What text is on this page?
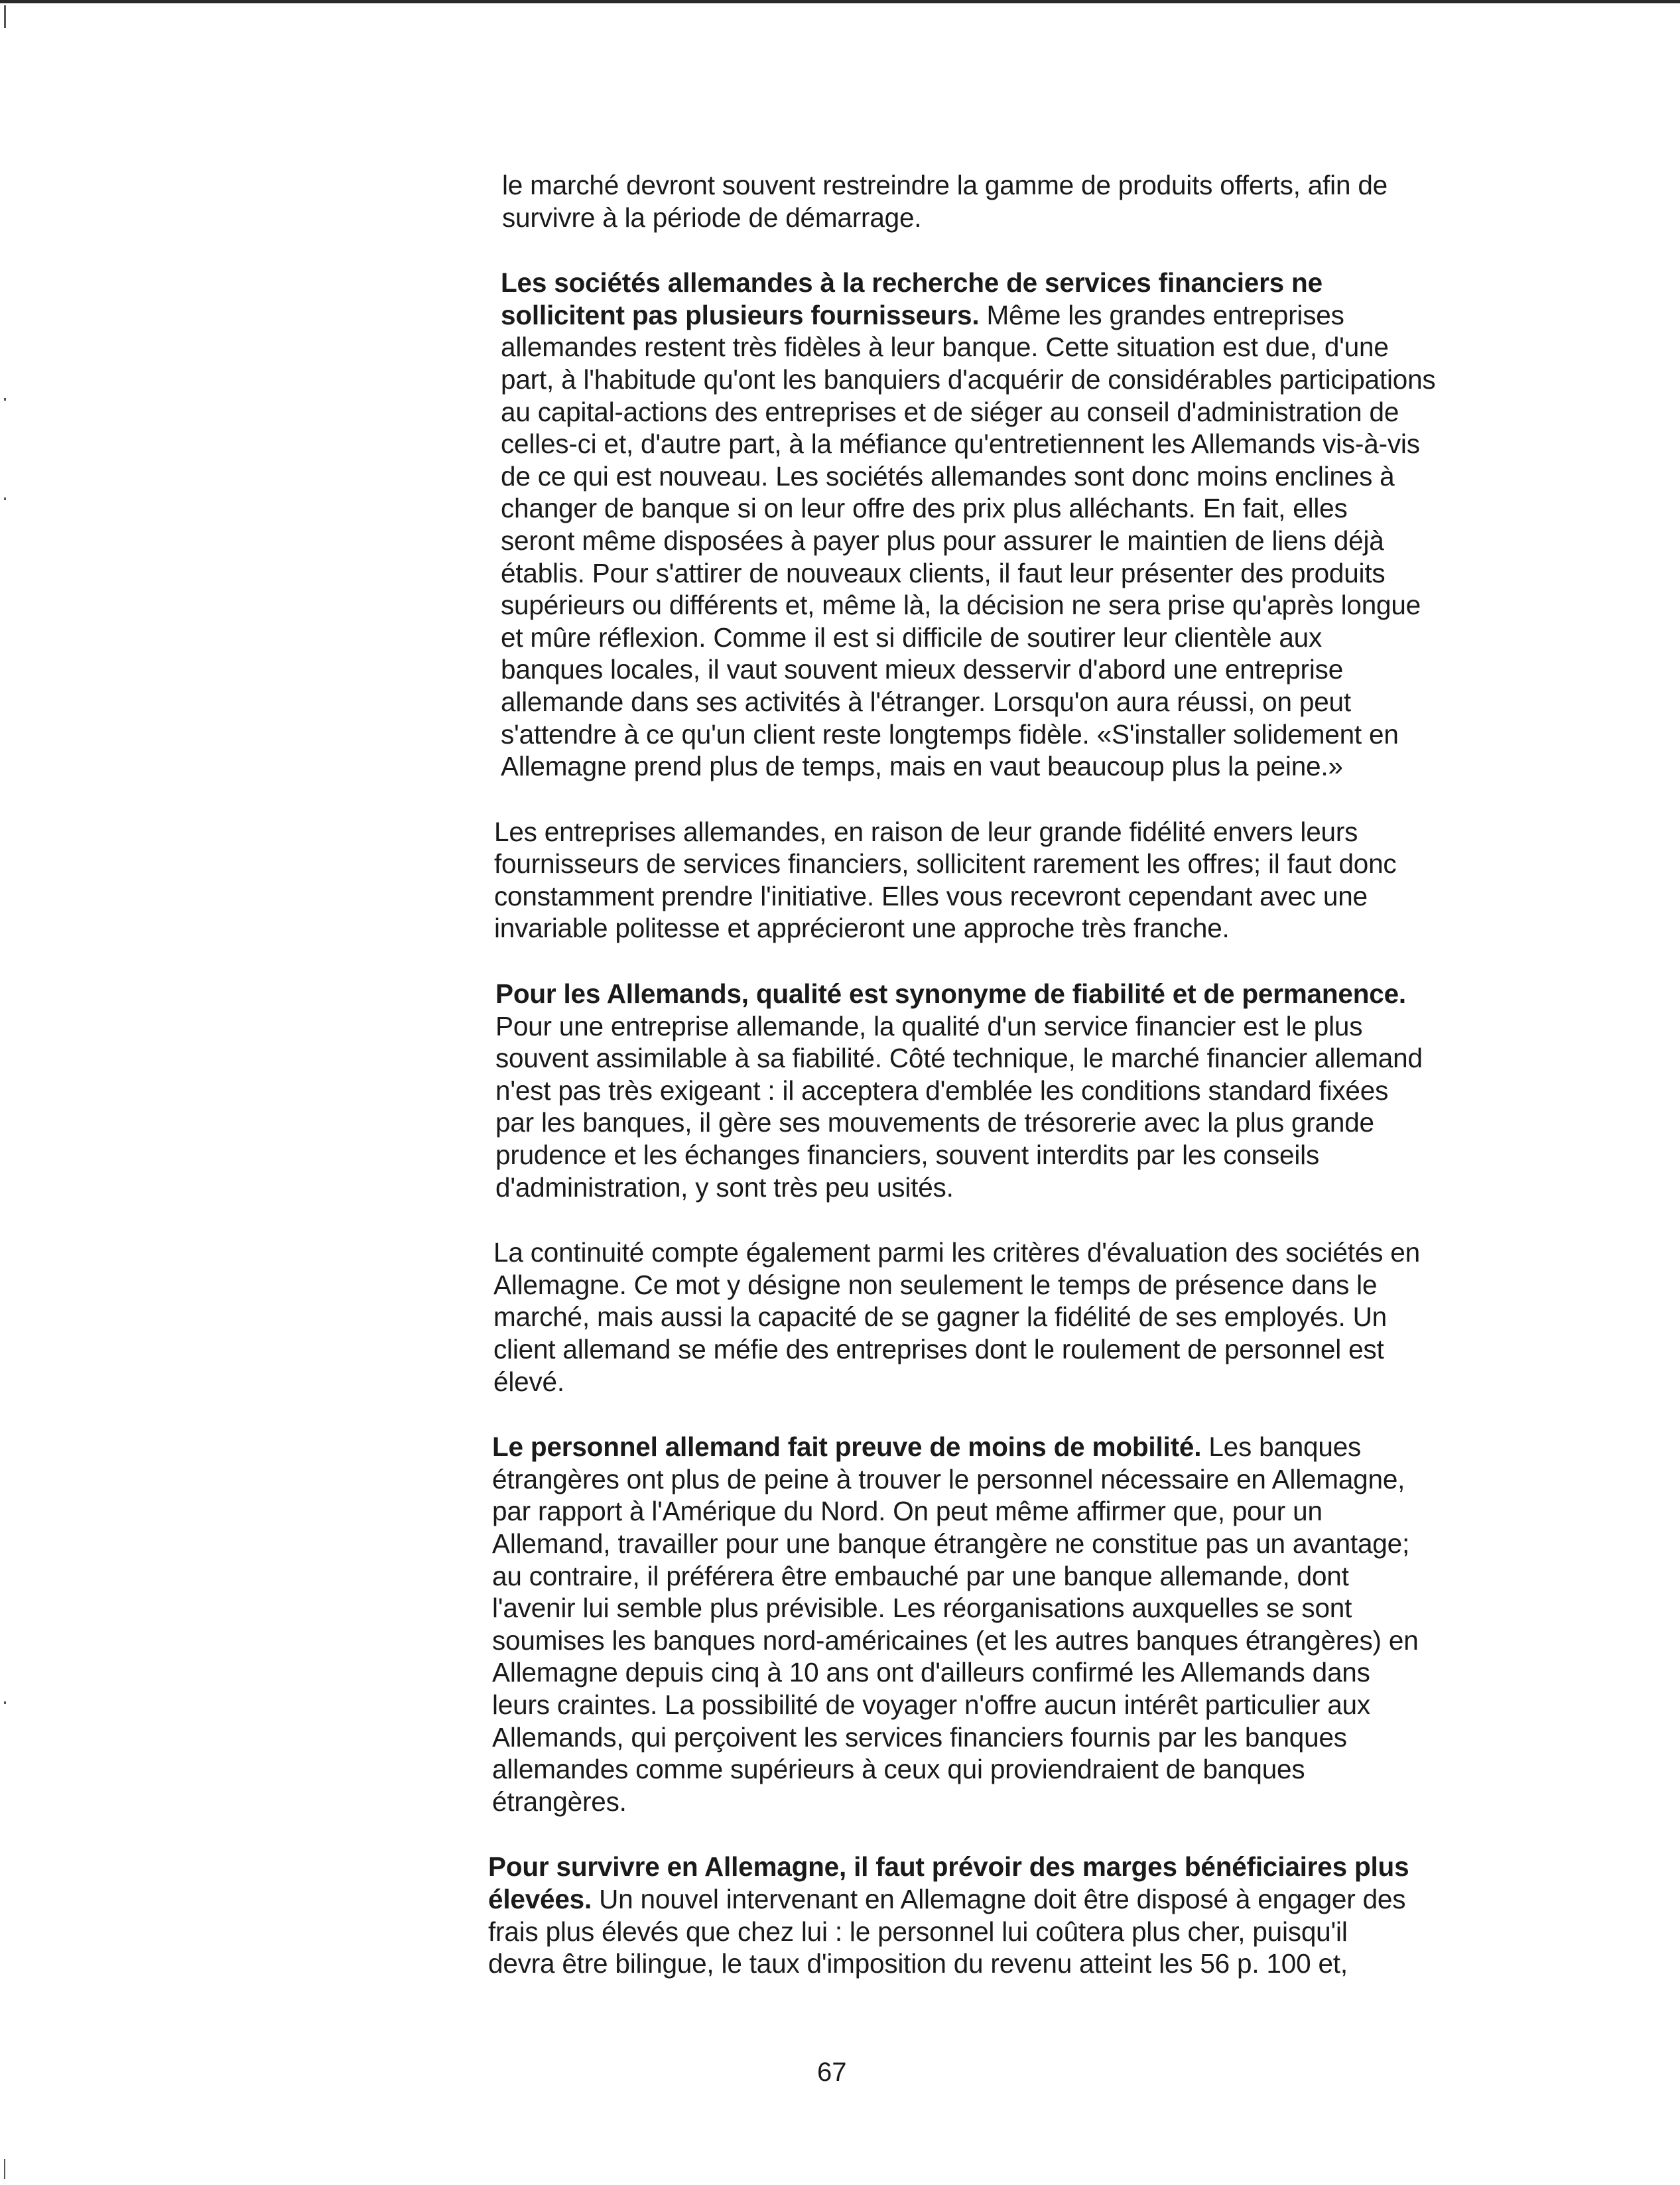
le marché devront souvent restreindre la gamme de produits offerts, afin de
survivre à la période de démarrage.

Les sociétés allemandes à la recherche de services financiers ne
sollicitent pas plusieurs fournisseurs. Même les grandes entreprises
allemandes restent très fidèles à leur banque. Cette situation est due, d'une
part, à l'habitude qu'ont les banquiers d'acquérir de considérables participations
au capital-actions des entreprises et de siéger au conseil d'administration de
celles-ci et, d'autre part, à la méfiance qu'entretiennent les Allemands vis-à-vis
de ce qui est nouveau. Les sociétés allemandes sont donc moins enclines à
changer de banque si on leur offre des prix plus alléchants. En fait, elles
seront même disposées à payer plus pour assurer le maintien de liens déjà
établis. Pour s'attirer de nouveaux clients, il faut leur présenter des produits
supérieurs ou différents et, même là, la décision ne sera prise qu'après longue
et mûre réflexion. Comme il est si difficile de soutirer leur clientèle aux
banques locales, il vaut souvent mieux desservir d'abord une entreprise
allemande dans ses activités à l'étranger. Lorsqu'on aura réussi, on peut
s'attendre à ce qu'un client reste longtemps fidèle. «S'installer solidement en
Allemagne prend plus de temps, mais en vaut beaucoup plus la peine.»

Les entreprises allemandes, en raison de leur grande fidélité envers leurs
fournisseurs de services financiers, sollicitent rarement les offres; il faut donc
constamment prendre l'initiative. Elles vous recevront cependant avec une
invariable politesse et apprécieront une approche très franche.

Pour les Allemands, qualité est synonyme de fiabilité et de permanence.
Pour une entreprise allemande, la qualité d'un service financier est le plus
souvent assimilable à sa fiabilité. Côté technique, le marché financier allemand
n'est pas très exigeant : il acceptera d'emblée les conditions standard fixées
par les banques, il gère ses mouvements de trésorerie avec la plus grande
prudence et les échanges financiers, souvent interdits par les conseils
d'administration, y sont très peu usités.

La continuité compte également parmi les critères d'évaluation des sociétés en
Allemagne. Ce mot y désigne non seulement le temps de présence dans le
marché, mais aussi la capacité de se gagner la fidélité de ses employés. Un
client allemand se méfie des entreprises dont le roulement de personnel est
élevé.

Le personnel allemand fait preuve de moins de mobilité. Les banques
étrangères ont plus de peine à trouver le personnel nécessaire en Allemagne,
par rapport à l'Amérique du Nord. On peut même affirmer que, pour un
Allemand, travailler pour une banque étrangère ne constitue pas un avantage;
au contraire, il préférera être embauché par une banque allemande, dont
l'avenir lui semble plus prévisible. Les réorganisations auxquelles se sont
soumises les banques nord-américaines (et les autres banques étrangères) en
Allemagne depuis cinq à 10 ans ont d'ailleurs confirmé les Allemands dans
leurs craintes. La possibilité de voyager n'offre aucun intérêt particulier aux
Allemands, qui perçoivent les services financiers fournis par les banques
allemandes comme supérieurs à ceux qui proviendraient de banques
étrangères.

Pour survivre en Allemagne, il faut prévoir des marges bénéficiaires plus
élevées. Un nouvel intervenant en Allemagne doit être disposé à engager des
frais plus élevés que chez lui : le personnel lui coûtera plus cher, puisqu'il
devra être bilingue, le taux d'imposition du revenu atteint les 56 p. 100 et,

67
